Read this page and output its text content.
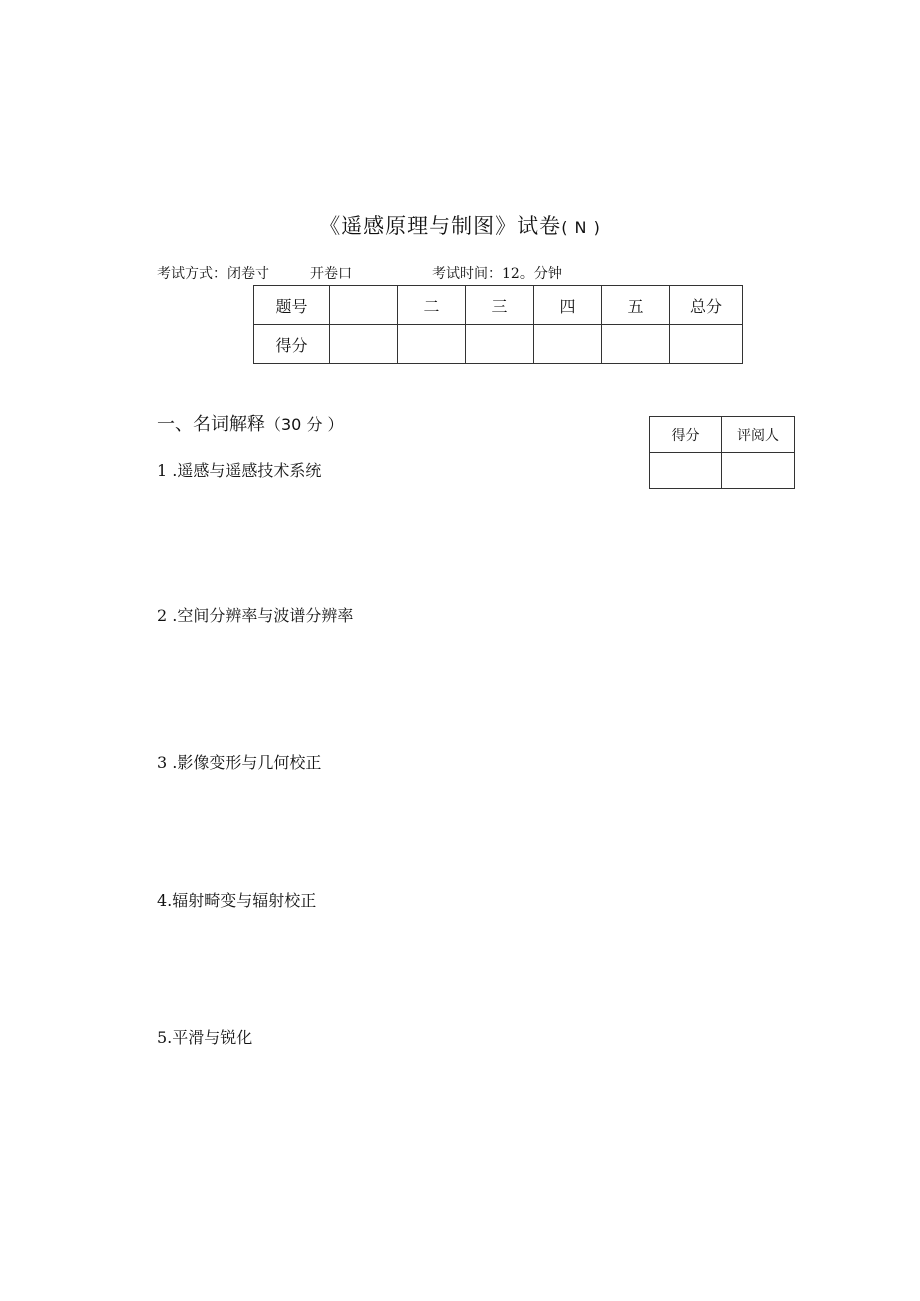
《遥感原理与制图》试卷( N )
考试方式：闭卷寸	开卷口	考试时间：12。分钟
题号		二	三	四	五	总分
得分						
一、名词解释（30 分 ）
得分	评阅人

1 .遥感与遥感技术系统
2 .空间分辨率与波谱分辨率
3 .影像变形与几何校正
4.辐射畸变与辐射校正
5.平滑与锐化
